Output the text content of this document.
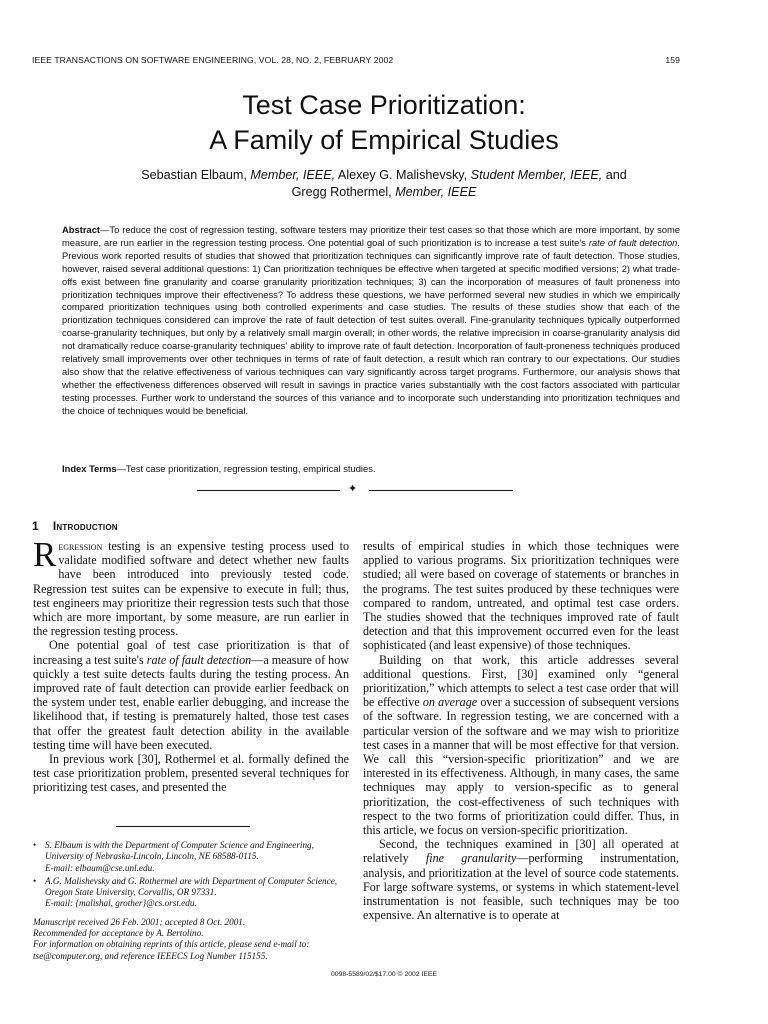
IEEE TRANSACTIONS ON SOFTWARE ENGINEERING, VOL. 28, NO. 2, FEBRUARY 2002	159
Test Case Prioritization:
A Family of Empirical Studies
Sebastian Elbaum, Member, IEEE, Alexey G. Malishevsky, Student Member, IEEE, and
Gregg Rothermel, Member, IEEE
Abstract—To reduce the cost of regression testing, software testers may prioritize their test cases so that those which are more important, by some measure, are run earlier in the regression testing process. One potential goal of such prioritization is to increase a test suite's rate of fault detection. Previous work reported results of studies that showed that prioritization techniques can significantly improve rate of fault detection. Those studies, however, raised several additional questions: 1) Can prioritization techniques be effective when targeted at specific modified versions; 2) what trade-offs exist between fine granularity and coarse granularity prioritization techniques; 3) can the incorporation of measures of fault proneness into prioritization techniques improve their effectiveness? To address these questions, we have performed several new studies in which we empirically compared prioritization techniques using both controlled experiments and case studies. The results of these studies show that each of the prioritization techniques considered can improve the rate of fault detection of test suites overall. Fine-granularity techniques typically outperformed coarse-granularity techniques, but only by a relatively small margin overall; in other words, the relative imprecision in coarse-granularity analysis did not dramatically reduce coarse-granularity techniques' ability to improve rate of fault detection. Incorporation of fault-proneness techniques produced relatively small improvements over other techniques in terms of rate of fault detection, a result which ran contrary to our expectations. Our studies also show that the relative effectiveness of various techniques can vary significantly across target programs. Furthermore, our analysis shows that whether the effectiveness differences observed will result in savings in practice varies substantially with the cost factors associated with particular testing processes. Further work to understand the sources of this variance and to incorporate such understanding into prioritization techniques and the choice of techniques would be beneficial.
Index Terms—Test case prioritization, regression testing, empirical studies.
✦
1 Introduction

Regression testing is an expensive testing process used to validate modified software and detect whether new faults have been introduced into previously tested code. Regression test suites can be expensive to execute in full; thus, test engineers may prioritize their regression tests such that those which are more important, by some measure, are run earlier in the regression testing process.

One potential goal of test case prioritization is that of increasing a test suite's rate of fault detection—a measure of how quickly a test suite detects faults during the testing process. An improved rate of fault detection can provide earlier feedback on the system under test, enable earlier debugging, and increase the likelihood that, if testing is prematurely halted, those test cases that offer the greatest fault detection ability in the available testing time will have been executed.

In previous work [30], Rothermel et al. formally defined the test case prioritization problem, presented several techniques for prioritizing test cases, and presented the

results of empirical studies in which those techniques were applied to various programs. Six prioritization techniques were studied; all were based on coverage of statements or branches in the programs. The test suites produced by these techniques were compared to random, untreated, and optimal test case orders. The studies showed that the techniques improved rate of fault detection and that this improvement occurred even for the least sophisticated (and least expensive) of those techniques.

Building on that work, this article addresses several additional questions. First, [30] examined only “general prioritization,” which attempts to select a test case order that will be effective on average over a succession of subsequent versions of the software. In regression testing, we are concerned with a particular version of the software and we may wish to prioritize test cases in a manner that will be most effective for that version. We call this “version-specific prioritization” and we are interested in its effectiveness. Although, in many cases, the same techniques may apply to version-specific as to general prioritization, the cost-effectiveness of such techniques with respect to the two forms of prioritization could differ. Thus, in this article, we focus on version-specific prioritization.

Second, the techniques examined in [30] all operated at relatively fine granularity—performing instrumentation, analysis, and prioritization at the level of source code statements. For large software systems, or systems in which statement-level instrumentation is not feasible, such techniques may be too expensive. An alternative is to operate at

• S. Elbaum is with the Department of Computer Science and Engineering, University of Nebraska-Lincoln, Lincoln, NE 68588-0115.
E-mail: elbaum@cse.unl.edu.
• A.G. Malishevsky and G. Rothermel are with Department of Computer Science, Oregon State University, Corvallis, OR 97331.
E-mail: {malishal, grother}@cs.orst.edu.
Manuscript received 26 Feb. 2001; accepted 8 Oct. 2001.
Recommended for acceptance by A. Bertolino.
For information on obtaining reprints of this article, please send e-mail to: tse@computer.org, and reference IEEECS Log Number 115155.
0098-5589/02/$17.00 © 2002 IEEE
